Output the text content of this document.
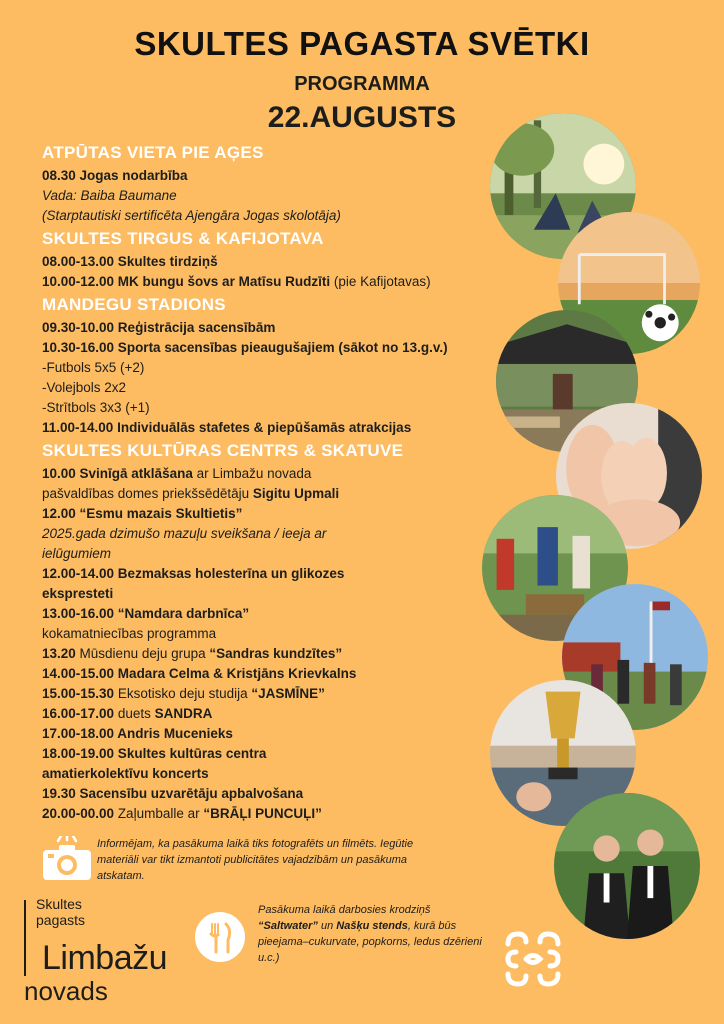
SKULTES PAGASTA SVĒTKI
PROGRAMMA
22.AUGUSTS
ATPŪTAS VIETA PIE AĢES
08.30 Jogas nodarbība
Vada: Baiba Baumane
(Starptautiski sertificēta Ajengāra Jogas skolotāja)
SKULTES TIRGUS & KAFIJOTAVA
08.00-13.00 Skultes tirdziņš
10.00-12.00 MK bungu šovs ar Matīsu Rudzīti (pie Kafijotavas)
MANDEGU STADIONS
09.30-10.00 Reģistrācija sacensībām
10.30-16.00 Sporta sacensības pieaugušajiem (sākot no 13.g.v.)
-Futbols 5x5 (+2)
-Volejbols 2x2
-Strītbols 3x3 (+1)
11.00-14.00 Individuālās stafetes & piepūšamās atrakcijas
SKULTES KULTŪRAS CENTRS & SKATUVE
10.00 Svinīgā atklāšana ar Limbažu novada
pašvaldības domes priekšsēdētāju Sigitu Upmali
12.00 “Esmu mazais Skultietis”
2025.gada dzimušo mazuļu sveikšana / ieeja ar
ielūgumiem
12.00-14.00 Bezmaksas holesterīna un glikozes
ekspresteti
13.00-16.00 “Namdara darbnīca”
kokamatniecības programma
13.20 Mūsdienu deju grupa “Sandras kundzītes”
14.00-15.00 Madara Celma & Kristjāns Krievkalns
15.00-15.30 Eksotisko deju studija “JASMĪNE”
16.00-17.00 duets SANDRA
17.00-18.00 Andris Mucenieks
18.00-19.00 Skultes kultūras centra
amatierkolektīvu koncerts
19.30 Sacensību uzvarētāju apbalvošana
20.00-00.00 Zaļumballe ar “BRĀĻI PUNCUĻI”
Informējam, ka pasākuma laikā tiks fotografēts un filmēts. Iegūtie materiāli var tikt izmantoti publicitātes vajadzībām un pasākuma atskatam.
Skultes
pagasts
Limbažu
novads
Pasākuma laikā darbosies krodziņš “Saltwater” un Našķu stends, kurā būs pieejama–cukurvate, popkorns, ledus dzērieni u.c.)
